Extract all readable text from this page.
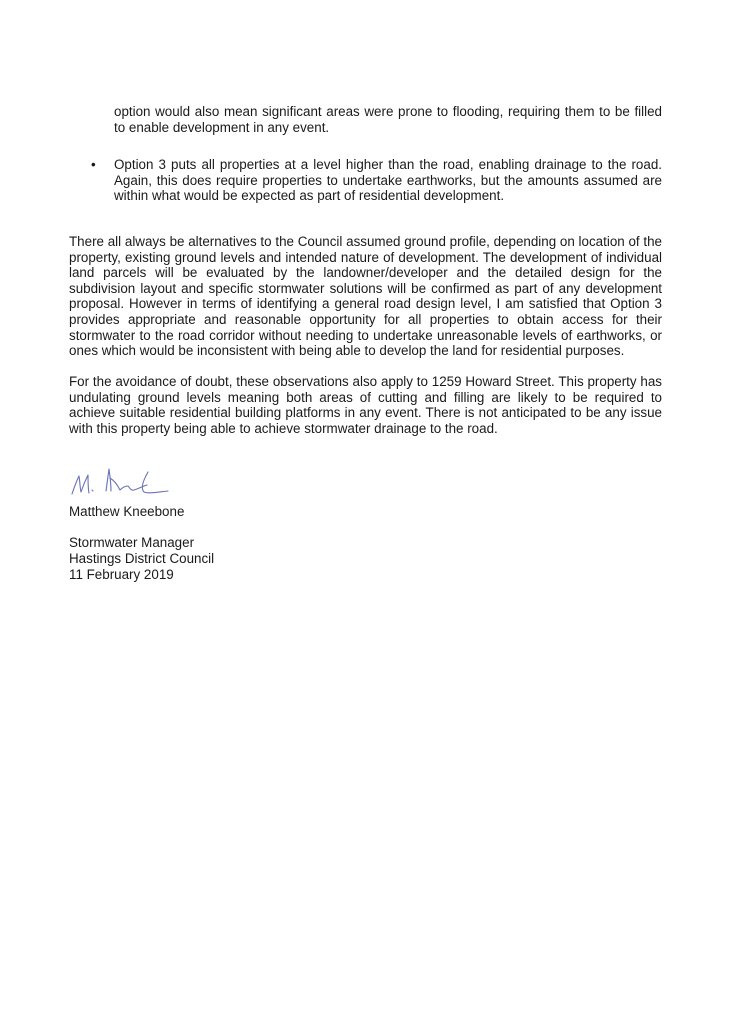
option would also mean significant areas were prone to flooding, requiring them to be filled to enable development in any event.

• Option 3 puts all properties at a level higher than the road, enabling drainage to the road. Again, this does require properties to undertake earthworks, but the amounts assumed are within what would be expected as part of residential development.

There all always be alternatives to the Council assumed ground profile, depending on location of the property, existing ground levels and intended nature of development. The development of individual land parcels will be evaluated by the landowner/developer and the detailed design for the subdivision layout and specific stormwater solutions will be confirmed as part of any development proposal. However in terms of identifying a general road design level, I am satisfied that Option 3 provides appropriate and reasonable opportunity for all properties to obtain access for their stormwater to the road corridor without needing to undertake unreasonable levels of earthworks, or ones which would be inconsistent with being able to develop the land for residential purposes.

For the avoidance of doubt, these observations also apply to 1259 Howard Street. This property has undulating ground levels meaning both areas of cutting and filling are likely to be required to achieve suitable residential building platforms in any event. There is not anticipated to be any issue with this property being able to achieve stormwater drainage to the road.

Matthew Kneebone

Stormwater Manager

Hastings District Council

11 February 2019
